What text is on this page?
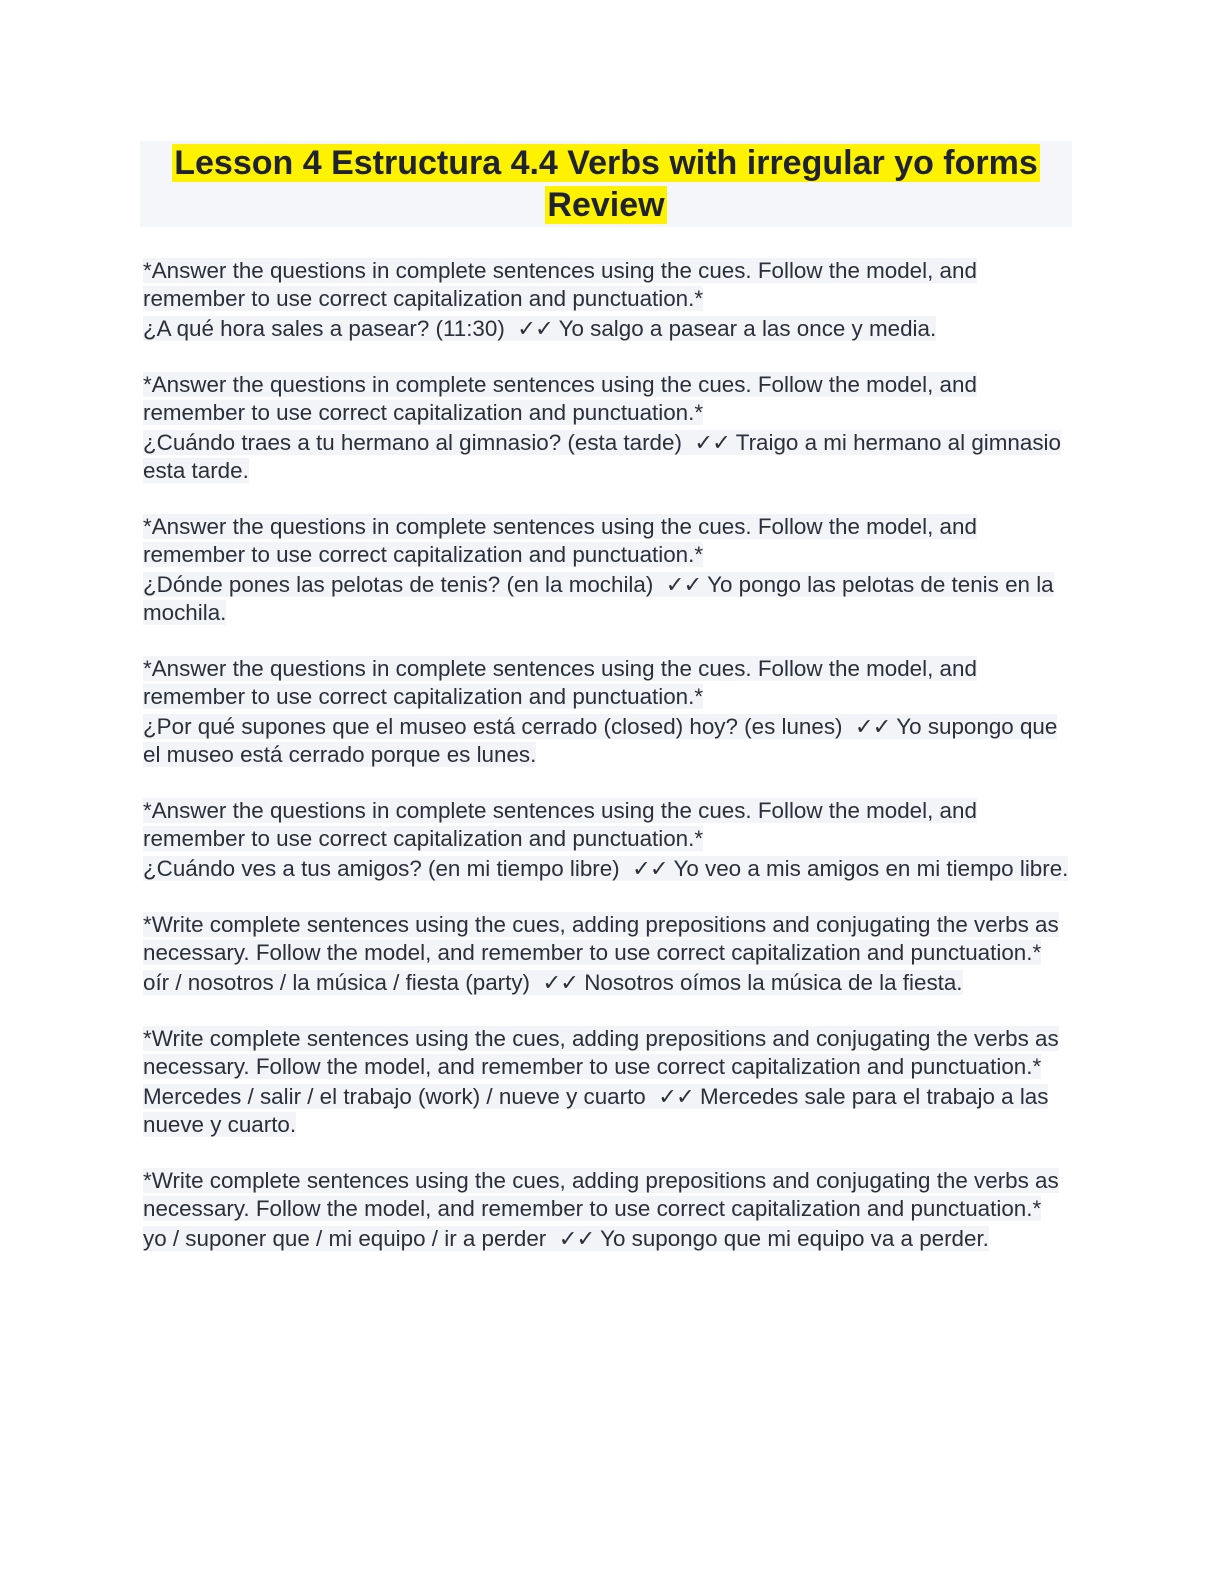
Lesson 4 Estructura 4.4 Verbs with irregular yo forms
Review

*Answer the questions in complete sentences using the cues. Follow the model, and remember to use correct capitalization and punctuation.*

¿A qué hora sales a pasear? (11:30) ✓✓ Yo salgo a pasear a las once y media.

*Answer the questions in complete sentences using the cues. Follow the model, and remember to use correct capitalization and punctuation.*

¿Cuándo traes a tu hermano al gimnasio? (esta tarde) ✓✓ Traigo a mi hermano al gimnasio esta tarde.

*Answer the questions in complete sentences using the cues. Follow the model, and remember to use correct capitalization and punctuation.*

¿Dónde pones las pelotas de tenis? (en la mochila) ✓✓ Yo pongo las pelotas de tenis en la mochila.

*Answer the questions in complete sentences using the cues. Follow the model, and remember to use correct capitalization and punctuation.*

¿Por qué supones que el museo está cerrado (closed) hoy? (es lunes) ✓✓ Yo supongo que el museo está cerrado porque es lunes.

*Answer the questions in complete sentences using the cues. Follow the model, and remember to use correct capitalization and punctuation.*

¿Cuándo ves a tus amigos? (en mi tiempo libre) ✓✓ Yo veo a mis amigos en mi tiempo libre.

*Write complete sentences using the cues, adding prepositions and conjugating the verbs as necessary. Follow the model, and remember to use correct capitalization and punctuation.*

oír / nosotros / la música / fiesta (party) ✓✓ Nosotros oímos la música de la fiesta.

*Write complete sentences using the cues, adding prepositions and conjugating the verbs as necessary. Follow the model, and remember to use correct capitalization and punctuation.*

Mercedes / salir / el trabajo (work) / nueve y cuarto ✓✓ Mercedes sale para el trabajo a las nueve y cuarto.

*Write complete sentences using the cues, adding prepositions and conjugating the verbs as necessary. Follow the model, and remember to use correct capitalization and punctuation.*

yo / suponer que / mi equipo / ir a perder ✓✓ Yo supongo que mi equipo va a perder.
